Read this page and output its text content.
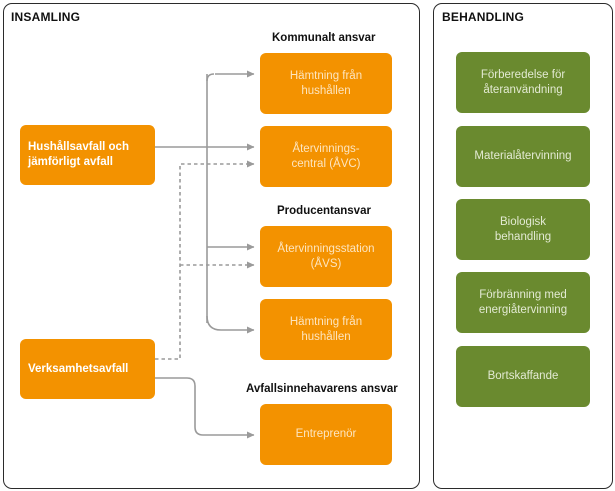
INSAMLING	BEHANDLING
Kommunalt ansvar
Producentansvar
Avfallsinnehavarens ansvar
Hushållsavfall och
jämförligt avfall
Verksamhetsavfall
Hämtning från
hushållen
Återvinnings-
central (ÅVC)
Återvinningsstation
(ÅVS)
Hämtning från
hushållen
Entreprenör
Förberedelse för
återanvändning
Materialåtervinning
Biologisk
behandling
Förbränning med
energiåtervinning
Bortskaffande
